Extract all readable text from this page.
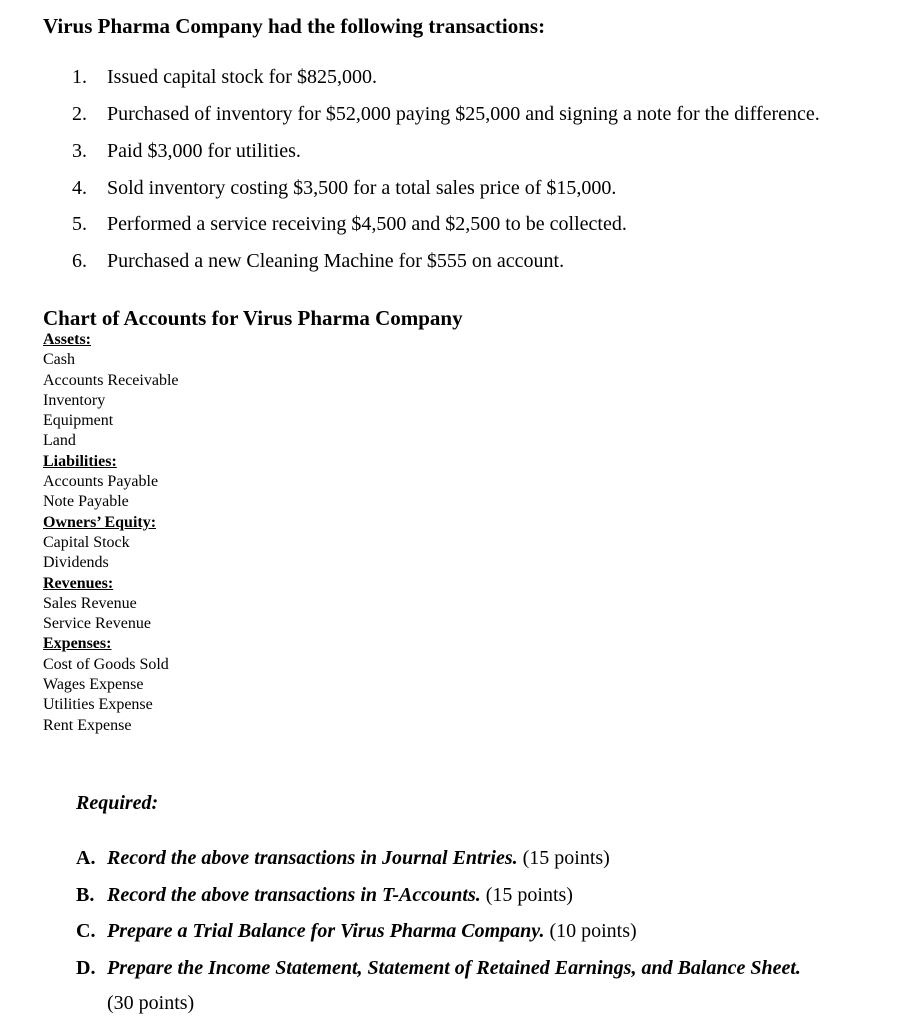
Virus Pharma Company had the following transactions:
1. Issued capital stock for $825,000.
2. Purchased of inventory for $52,000 paying $25,000 and signing a note for the difference.
3. Paid $3,000 for utilities.
4. Sold inventory costing $3,500 for a total sales price of $15,000.
5. Performed a service receiving $4,500 and $2,500 to be collected.
6. Purchased a new Cleaning Machine for $555 on account.
Chart of Accounts for Virus Pharma Company
Assets:
Cash
Accounts Receivable
Inventory
Equipment
Land
Liabilities:
Accounts Payable
Note Payable
Owners’ Equity:
Capital Stock
Dividends
Revenues:
Sales Revenue
Service Revenue
Expenses:
Cost of Goods Sold
Wages Expense
Utilities Expense
Rent Expense
Required:
A. Record the above transactions in Journal Entries. (15 points)
B. Record the above transactions in T-Accounts. (15 points)
C. Prepare a Trial Balance for Virus Pharma Company. (10 points)
D. Prepare the Income Statement, Statement of Retained Earnings, and Balance Sheet.
(30 points)
